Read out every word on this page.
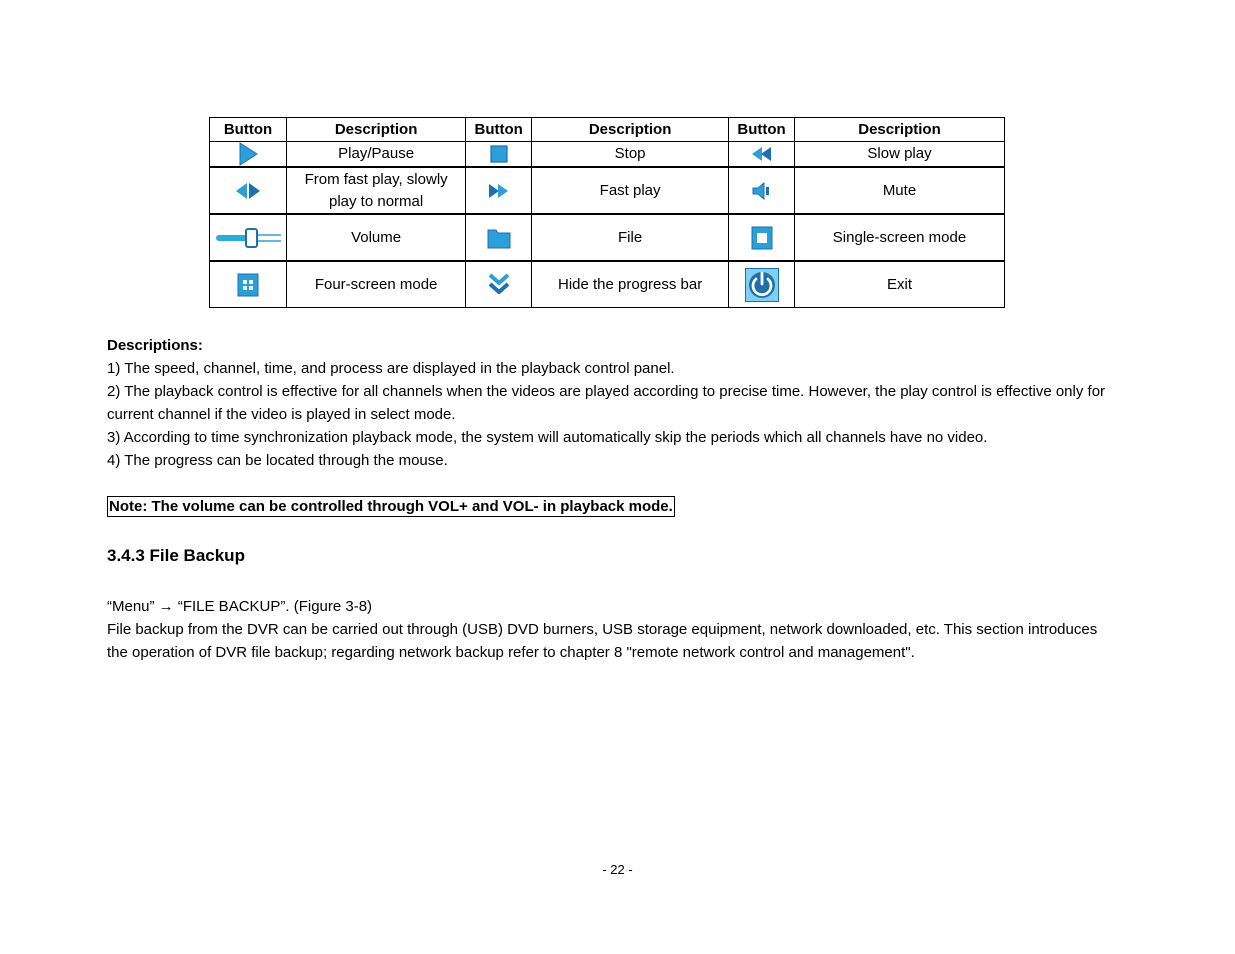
Button	Description	Button	Description	Button	Description

	Play/Pause		Stop		Slow play

	From fast play, slowly play to normal		Fast play		Mute

	Volume		File		Single-screen mode

	Four-screen mode		Hide the progress bar		Exit
Descriptions:
1) The speed, channel, time, and process are displayed in the playback control panel.
2) The playback control is effective for all channels when the videos are played according to precise time. However, the play control is effective only for current channel if the video is played in select mode.
3) According to time synchronization playback mode, the system will automatically skip the periods which all channels have no video.
4) The progress can be located through the mouse.
Note: The volume can be controlled through VOL+ and VOL- in playback mode.
3.4.3 File Backup
“Menu” → “FILE BACKUP”. (Figure 3-8)
File backup from the DVR can be carried out through (USB) DVD burners, USB storage equipment, network downloaded, etc. This section introduces the operation of DVR file backup; regarding network backup refer to chapter 8 "remote network control and management".
- 22 -
